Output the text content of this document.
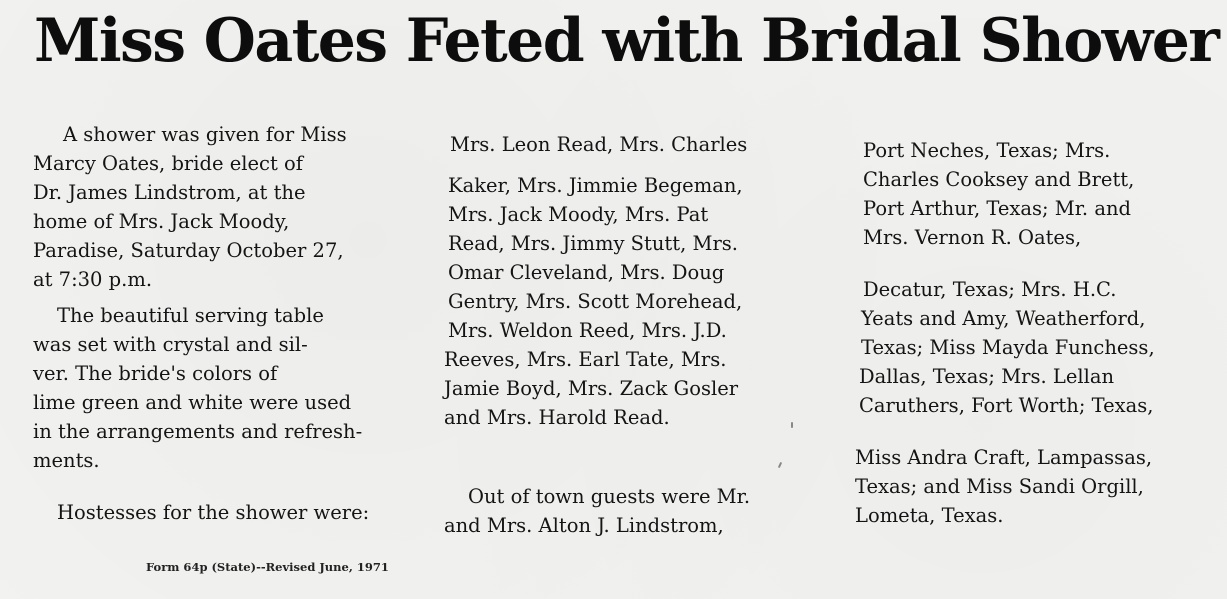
Miss Oates Feted with Bridal Shower

A shower was given for Miss

Marcy Oates, bride elect of

Dr. James Lindstrom, at the

home of Mrs. Jack Moody,

Paradise, Saturday October 27,

at 7:30 p.m.

The beautiful serving table

was set with crystal and sil-

ver. The bride's colors of

lime green and white were used

in the arrangements and refresh-

ments.

Hostesses for the shower were:

Mrs. Leon Read, Mrs. Charles

Kaker, Mrs. Jimmie Begeman,

Mrs. Jack Moody, Mrs. Pat

Read, Mrs. Jimmy Stutt, Mrs.

Omar Cleveland, Mrs. Doug

Gentry, Mrs. Scott Morehead,

Mrs. Weldon Reed, Mrs. J.D.

Reeves, Mrs. Earl Tate, Mrs.

Jamie Boyd, Mrs. Zack Gosler

and Mrs. Harold Read.

Out of town guests were Mr.

and Mrs. Alton J. Lindstrom,

Port Neches, Texas; Mrs.

Charles Cooksey and Brett,

Port Arthur, Texas; Mr. and

Mrs. Vernon R. Oates,

Decatur, Texas; Mrs. H.C.

Yeats and Amy, Weatherford,

Texas; Miss Mayda Funchess,

Dallas, Texas; Mrs. Lellan

Caruthers, Fort Worth; Texas,

Miss Andra Craft, Lampassas,

Texas; and Miss Sandi Orgill,

Lometa, Texas.

Form 64p (State)--Revised June, 1971
